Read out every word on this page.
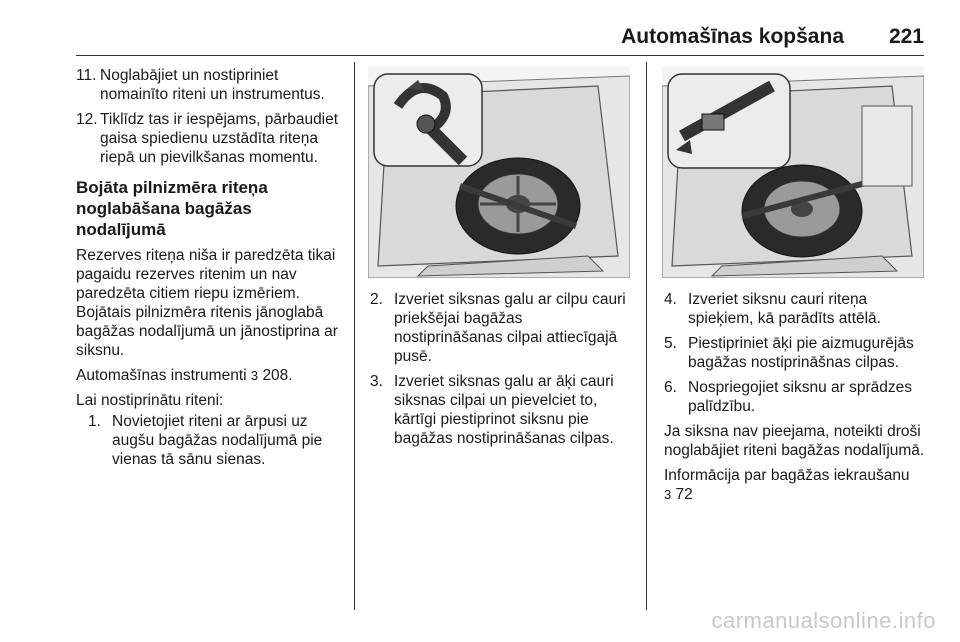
Automašīnas kopšana 221
11. Noglabājiet un nostipriniet nomainīto riteni un instrumentus.
12. Tiklīdz tas ir iespējams, pārbaudiet gaisa spiedienu uzstādīta riteņa riepā un pievilkšanas momentu.
Bojāta pilnizmēra riteņa noglabāšana bagāžas nodalījumā

Rezerves riteņa niša ir paredzēta tikai pagaidu rezerves ritenim un nav paredzēta citiem riepu izmēriem. Bojātais pilnizmēra ritenis jānoglabā bagāžas nodalījumā un jānostiprina ar siksnu.

Automašīnas instrumenti 3 208.

Lai nostiprinātu riteni:

1. Novietojiet riteni ar ārpusi uz augšu bagāžas nodalījumā pie vienas tā sānu sienas.
2. Izveriet siksnas galu ar cilpu cauri priekšējai bagāžas nostiprināšanas cilpai attiecīgajā pusē.
3. Izveriet siksnas galu ar āķi cauri siksnas cilpai un pievelciet to, kārtīgi piestiprinot siksnu pie bagāžas nostiprināšanas cilpas.
4. Izveriet siksnu cauri riteņa spieķiem, kā parādīts attēlā.
5. Piestipriniet āķi pie aizmugurējās bagāžas nostiprināšnas cilpas.
6. Nospriegojiet siksnu ar sprādzes palīdzību.

Ja siksna nav pieejama, noteikti droši noglabājiet riteni bagāžas nodalījumā.

Informācija par bagāžas iekraušanu
3 72

carmanualsonline.info
